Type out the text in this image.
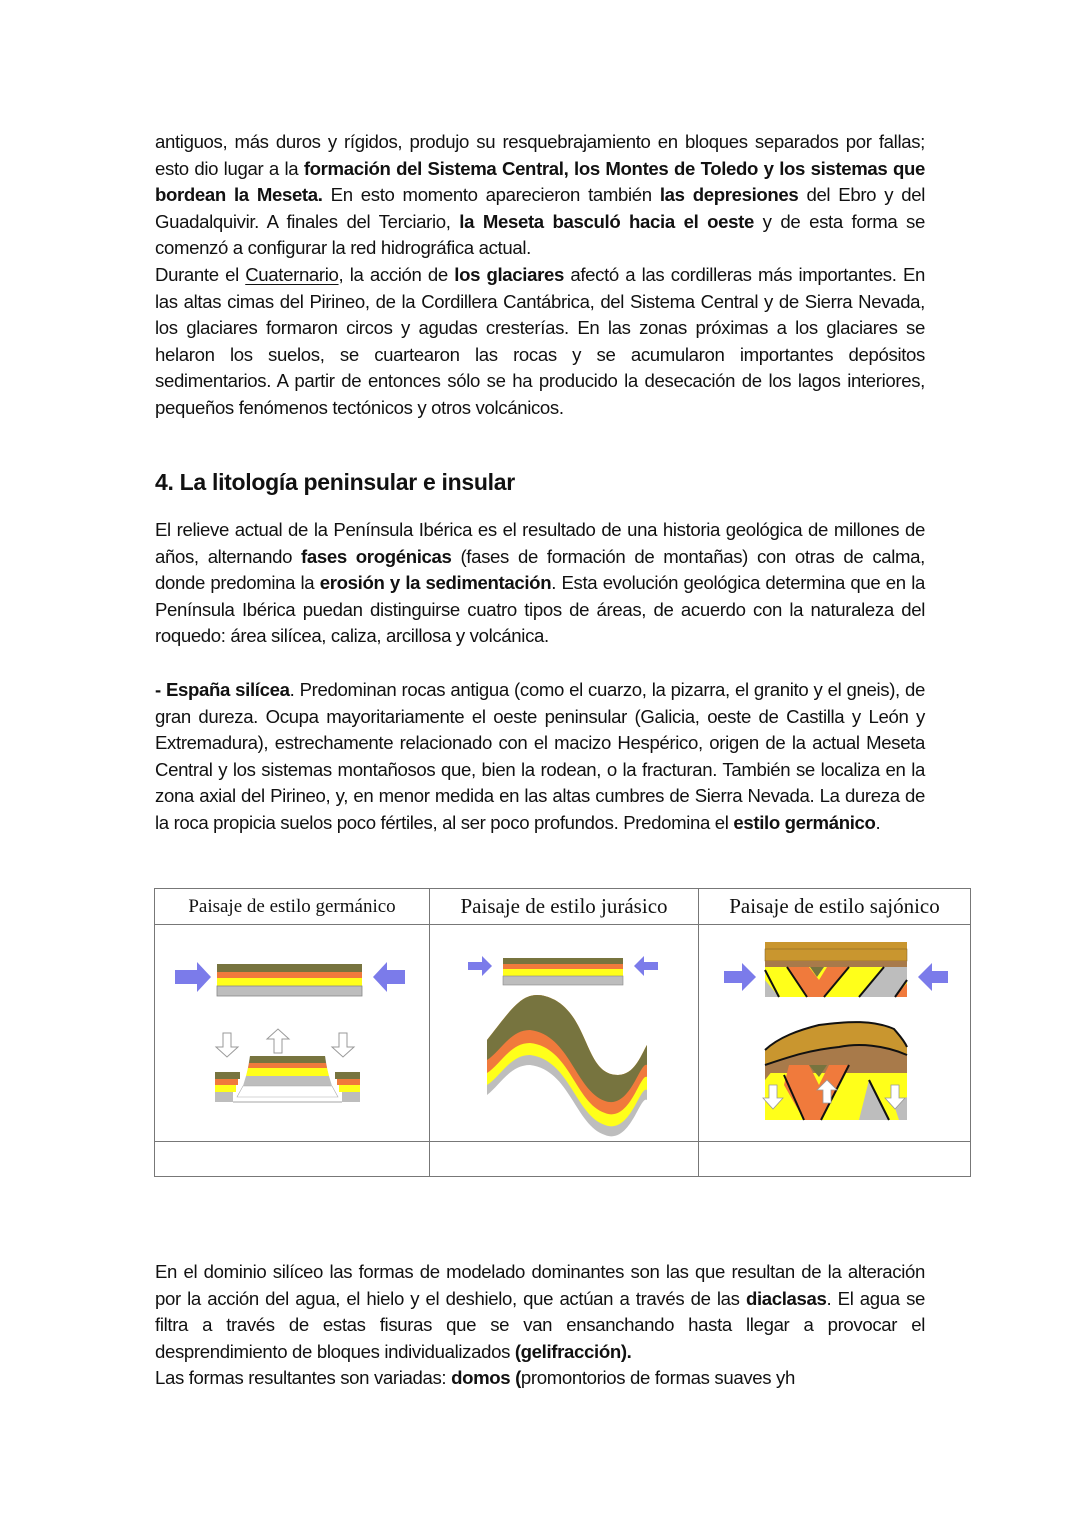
antiguos, más duros y rígidos, produjo su resquebrajamiento en bloques separados por fallas; esto dio lugar a la formación del Sistema Central, los Montes de Toledo y los sistemas que bordean la Meseta. En esto momento aparecieron también las depresiones del Ebro y del Guadalquivir. A finales del Terciario, la Meseta basculó hacia el oeste y de esta forma se comenzó a configurar la red hidrográfica actual.

Durante el Cuaternario, la acción de los glaciares afectó a las cordilleras más importantes. En las altas cimas del Pirineo, de la Cordillera Cantábrica, del Sistema Central y de Sierra Nevada, los glaciares formaron circos y agudas cresterías. En las zonas próximas a los glaciares se helaron los suelos, se cuartearon las rocas y se acumularon importantes depósitos sedimentarios. A partir de entonces sólo se ha producido la desecación de los lagos interiores, pequeños fenómenos tectónicos y otros volcánicos.

4. La litología peninsular e insular

El relieve actual de la Península Ibérica es el resultado de una historia geológica de millones de años, alternando fases orogénicas (fases de formación de montañas) con otras de calma, donde predomina la erosión y la sedimentación. Esta evolución geológica determina que en la Península Ibérica puedan distinguirse cuatro tipos de áreas, de acuerdo con la naturaleza del roquedo: área silícea, caliza, arcillosa y volcánica.

- España silícea. Predominan rocas antigua (como el cuarzo, la pizarra, el granito y el gneis), de gran dureza. Ocupa mayoritariamente el oeste peninsular (Galicia, oeste de Castilla y León y Extremadura), estrechamente relacionado con el macizo Hespérico, origen de la actual Meseta Central y los sistemas montañosos que, bien la rodean, o la fracturan. También se localiza en la zona axial del Pirineo, y, en menor medida en las altas cumbres de Sierra Nevada. La dureza de la roca propicia suelos poco fértiles, al ser poco profundos. Predomina el estilo germánico.

Paisaje de estilo germánico	Paisaje de estilo jurásico	Paisaje de estilo sajónico

En el dominio silíceo las formas de modelado dominantes son las que resultan de la alteración por la acción del agua, el hielo y el deshielo, que actúan a través de las diaclasas. El agua se filtra a través de estas fisuras que se van ensanchando hasta llegar a provocar el desprendimiento de bloques individualizados (gelifracción).

Las formas resultantes son variadas: domos (promontorios de formas suaves yh
